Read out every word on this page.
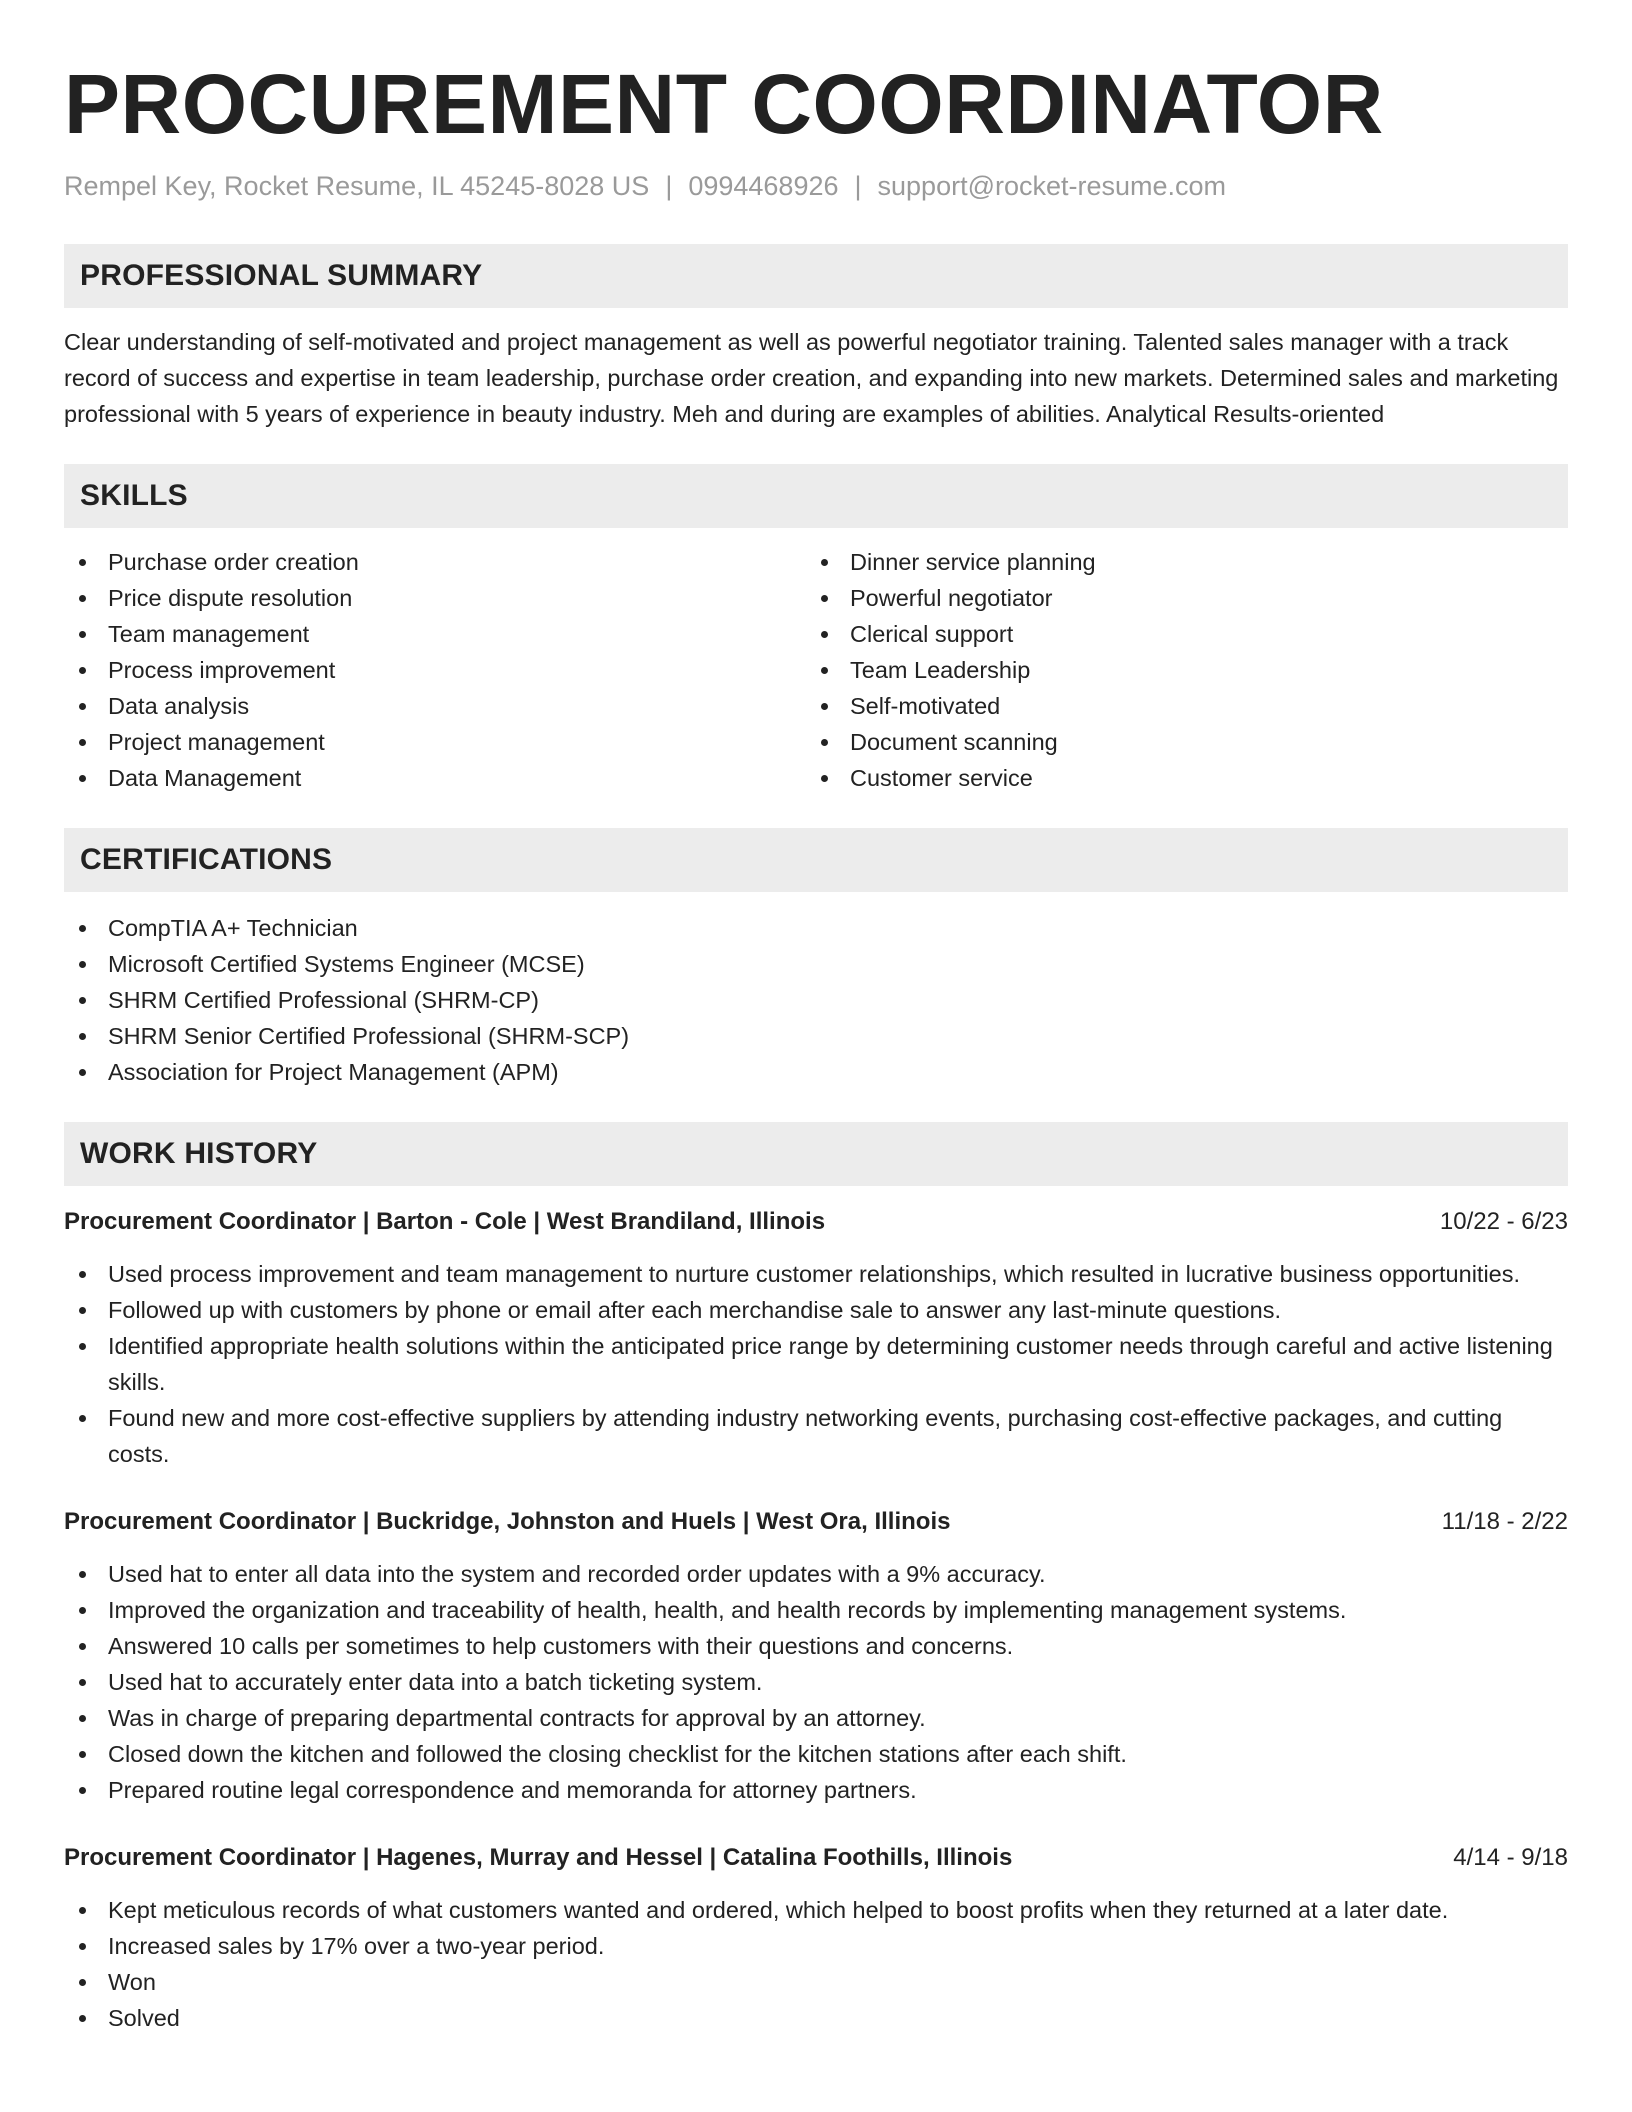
PROCUREMENT COORDINATOR
Rempel Key, Rocket Resume, IL 45245-8028 US | 0994468926 | support@rocket-resume.com
PROFESSIONAL SUMMARY

Clear understanding of self-motivated and project management as well as powerful negotiator training. Talented sales manager with a track record of success and expertise in team leadership, purchase order creation, and expanding into new markets. Determined sales and marketing professional with 5 years of experience in beauty industry. Meh and during are examples of abilities. Analytical Results-oriented

SKILLS
Purchase order creation
Price dispute resolution
Team management
Process improvement
Data analysis
Project management
Data Management
Dinner service planning
Powerful negotiator
Clerical support
Team Leadership
Self-motivated
Document scanning
Customer service
CERTIFICATIONS
CompTIA A+ Technician
Microsoft Certified Systems Engineer (MCSE)
SHRM Certified Professional (SHRM-CP)
SHRM Senior Certified Professional (SHRM-SCP)
Association for Project Management (APM)
WORK HISTORY
Procurement Coordinator | Barton - Cole | West Brandiland, Illinois	10/22 - 6/23
Used process improvement and team management to nurture customer relationships, which resulted in lucrative business opportunities.
Followed up with customers by phone or email after each merchandise sale to answer any last-minute questions.
Identified appropriate health solutions within the anticipated price range by determining customer needs through careful and active listening skills.
Found new and more cost-effective suppliers by attending industry networking events, purchasing cost-effective packages, and cutting costs.
Procurement Coordinator | Buckridge, Johnston and Huels | West Ora, Illinois	11/18 - 2/22
Used hat to enter all data into the system and recorded order updates with a 9% accuracy.
Improved the organization and traceability of health, health, and health records by implementing management systems.
Answered 10 calls per sometimes to help customers with their questions and concerns.
Used hat to accurately enter data into a batch ticketing system.
Was in charge of preparing departmental contracts for approval by an attorney.
Closed down the kitchen and followed the closing checklist for the kitchen stations after each shift.
Prepared routine legal correspondence and memoranda for attorney partners.
Procurement Coordinator | Hagenes, Murray and Hessel | Catalina Foothills, Illinois	4/14 - 9/18
Kept meticulous records of what customers wanted and ordered, which helped to boost profits when they returned at a later date.
Increased sales by 17% over a two-year period.
Won
Solved
